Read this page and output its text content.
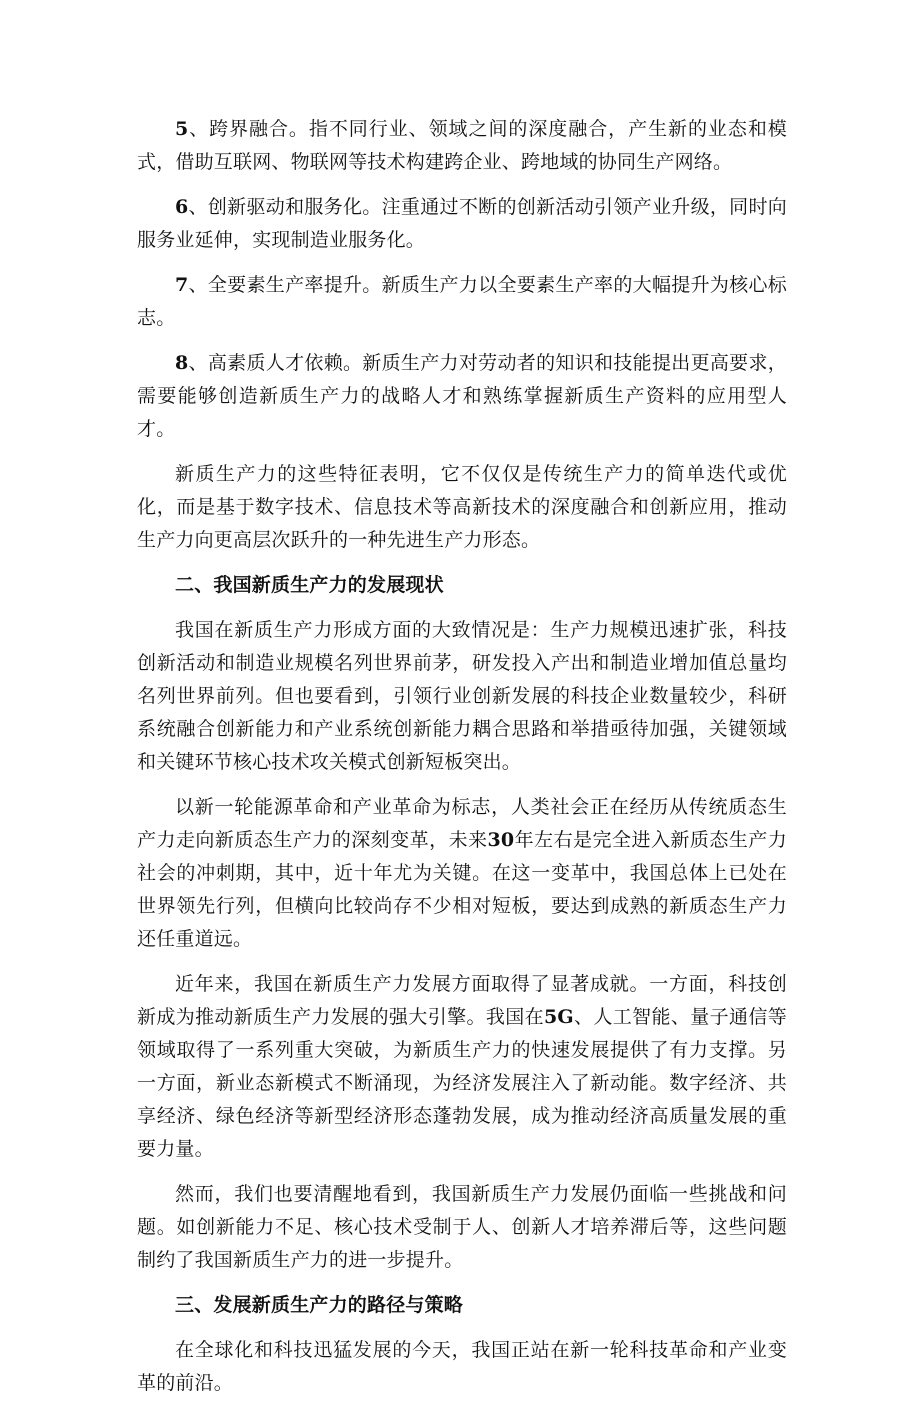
5、跨界融合。指不同行业、领域之间的深度融合，产生新的业态和模式，借助互联网、物联网等技术构建跨企业、跨地域的协同生产网络。

6、创新驱动和服务化。注重通过不断的创新活动引领产业升级，同时向服务业延伸，实现制造业服务化。

7、全要素生产率提升。新质生产力以全要素生产率的大幅提升为核心标志。

8、高素质人才依赖。新质生产力对劳动者的知识和技能提出更高要求，需要能够创造新质生产力的战略人才和熟练掌握新质生产资料的应用型人才。

新质生产力的这些特征表明，它不仅仅是传统生产力的简单迭代或优化，而是基于数字技术、信息技术等高新技术的深度融合和创新应用，推动生产力向更高层次跃升的一种先进生产力形态。

二、我国新质生产力的发展现状

我国在新质生产力形成方面的大致情况是：生产力规模迅速扩张，科技创新活动和制造业规模名列世界前茅，研发投入产出和制造业增加值总量均名列世界前列。但也要看到，引领行业创新发展的科技企业数量较少，科研系统融合创新能力和产业系统创新能力耦合思路和举措亟待加强，关键领域和关键环节核心技术攻关模式创新短板突出。

以新一轮能源革命和产业革命为标志，人类社会正在经历从传统质态生产力走向新质态生产力的深刻变革，未来30年左右是完全进入新质态生产力社会的冲刺期，其中，近十年尤为关键。在这一变革中，我国总体上已处在世界领先行列，但横向比较尚存不少相对短板，要达到成熟的新质态生产力还任重道远。

近年来，我国在新质生产力发展方面取得了显著成就。一方面，科技创新成为推动新质生产力发展的强大引擎。我国在5G、人工智能、量子通信等领域取得了一系列重大突破，为新质生产力的快速发展提供了有力支撑。另一方面，新业态新模式不断涌现，为经济发展注入了新动能。数字经济、共享经济、绿色经济等新型经济形态蓬勃发展，成为推动经济高质量发展的重要力量。

然而，我们也要清醒地看到，我国新质生产力发展仍面临一些挑战和问题。如创新能力不足、核心技术受制于人、创新人才培养滞后等，这些问题制约了我国新质生产力的进一步提升。

三、发展新质生产力的路径与策略

在全球化和科技迅猛发展的今天，我国正站在新一轮科技革命和产业变革的前沿。
